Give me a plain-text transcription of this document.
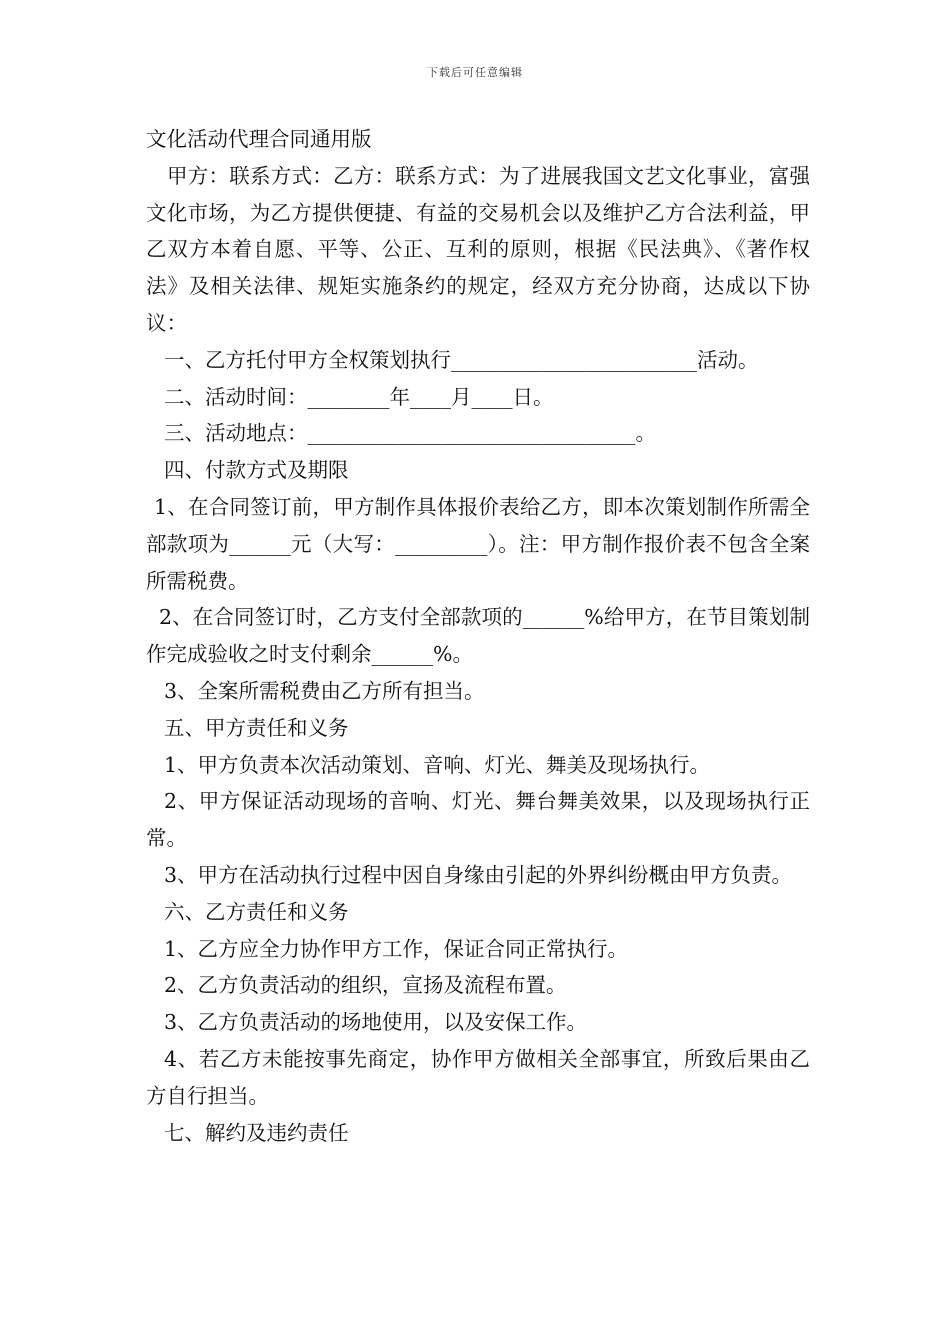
下载后可任意编辑

文化活动代理合同通用版

甲方：联系方式：乙方：联系方式：为了进展我国文艺文化事业，富强文化市场，为乙方提供便捷、有益的交易机会以及维护乙方合法利益，甲乙双方本着自愿、平等、公正、互利的原则，根据《民法典》、《著作权法》及相关法律、规矩实施条约的规定，经双方充分协商，达成以下协议：

一、乙方托付甲方全权策划执行________________________活动。

二、活动时间：________年____月____日。

三、活动地点：________________________________。

四、付款方式及期限

1、在合同签订前，甲方制作具体报价表给乙方，即本次策划制作所需全部款项为______元（大写：_________）。注：甲方制作报价表不包含全案所需税费。

2、在合同签订时，乙方支付全部款项的______%给甲方，在节目策划制作完成验收之时支付剩余______%。

3、全案所需税费由乙方所有担当。

五、甲方责任和义务

1、甲方负责本次活动策划、音响、灯光、舞美及现场执行。

2、甲方保证活动现场的音响、灯光、舞台舞美效果，以及现场执行正常。

3、甲方在活动执行过程中因自身缘由引起的外界纠纷概由甲方负责。

六、乙方责任和义务

1、乙方应全力协作甲方工作，保证合同正常执行。

2、乙方负责活动的组织，宣扬及流程布置。

3、乙方负责活动的场地使用，以及安保工作。

4、若乙方未能按事先商定，协作甲方做相关全部事宜，所致后果由乙方自行担当。

七、解约及违约责任
